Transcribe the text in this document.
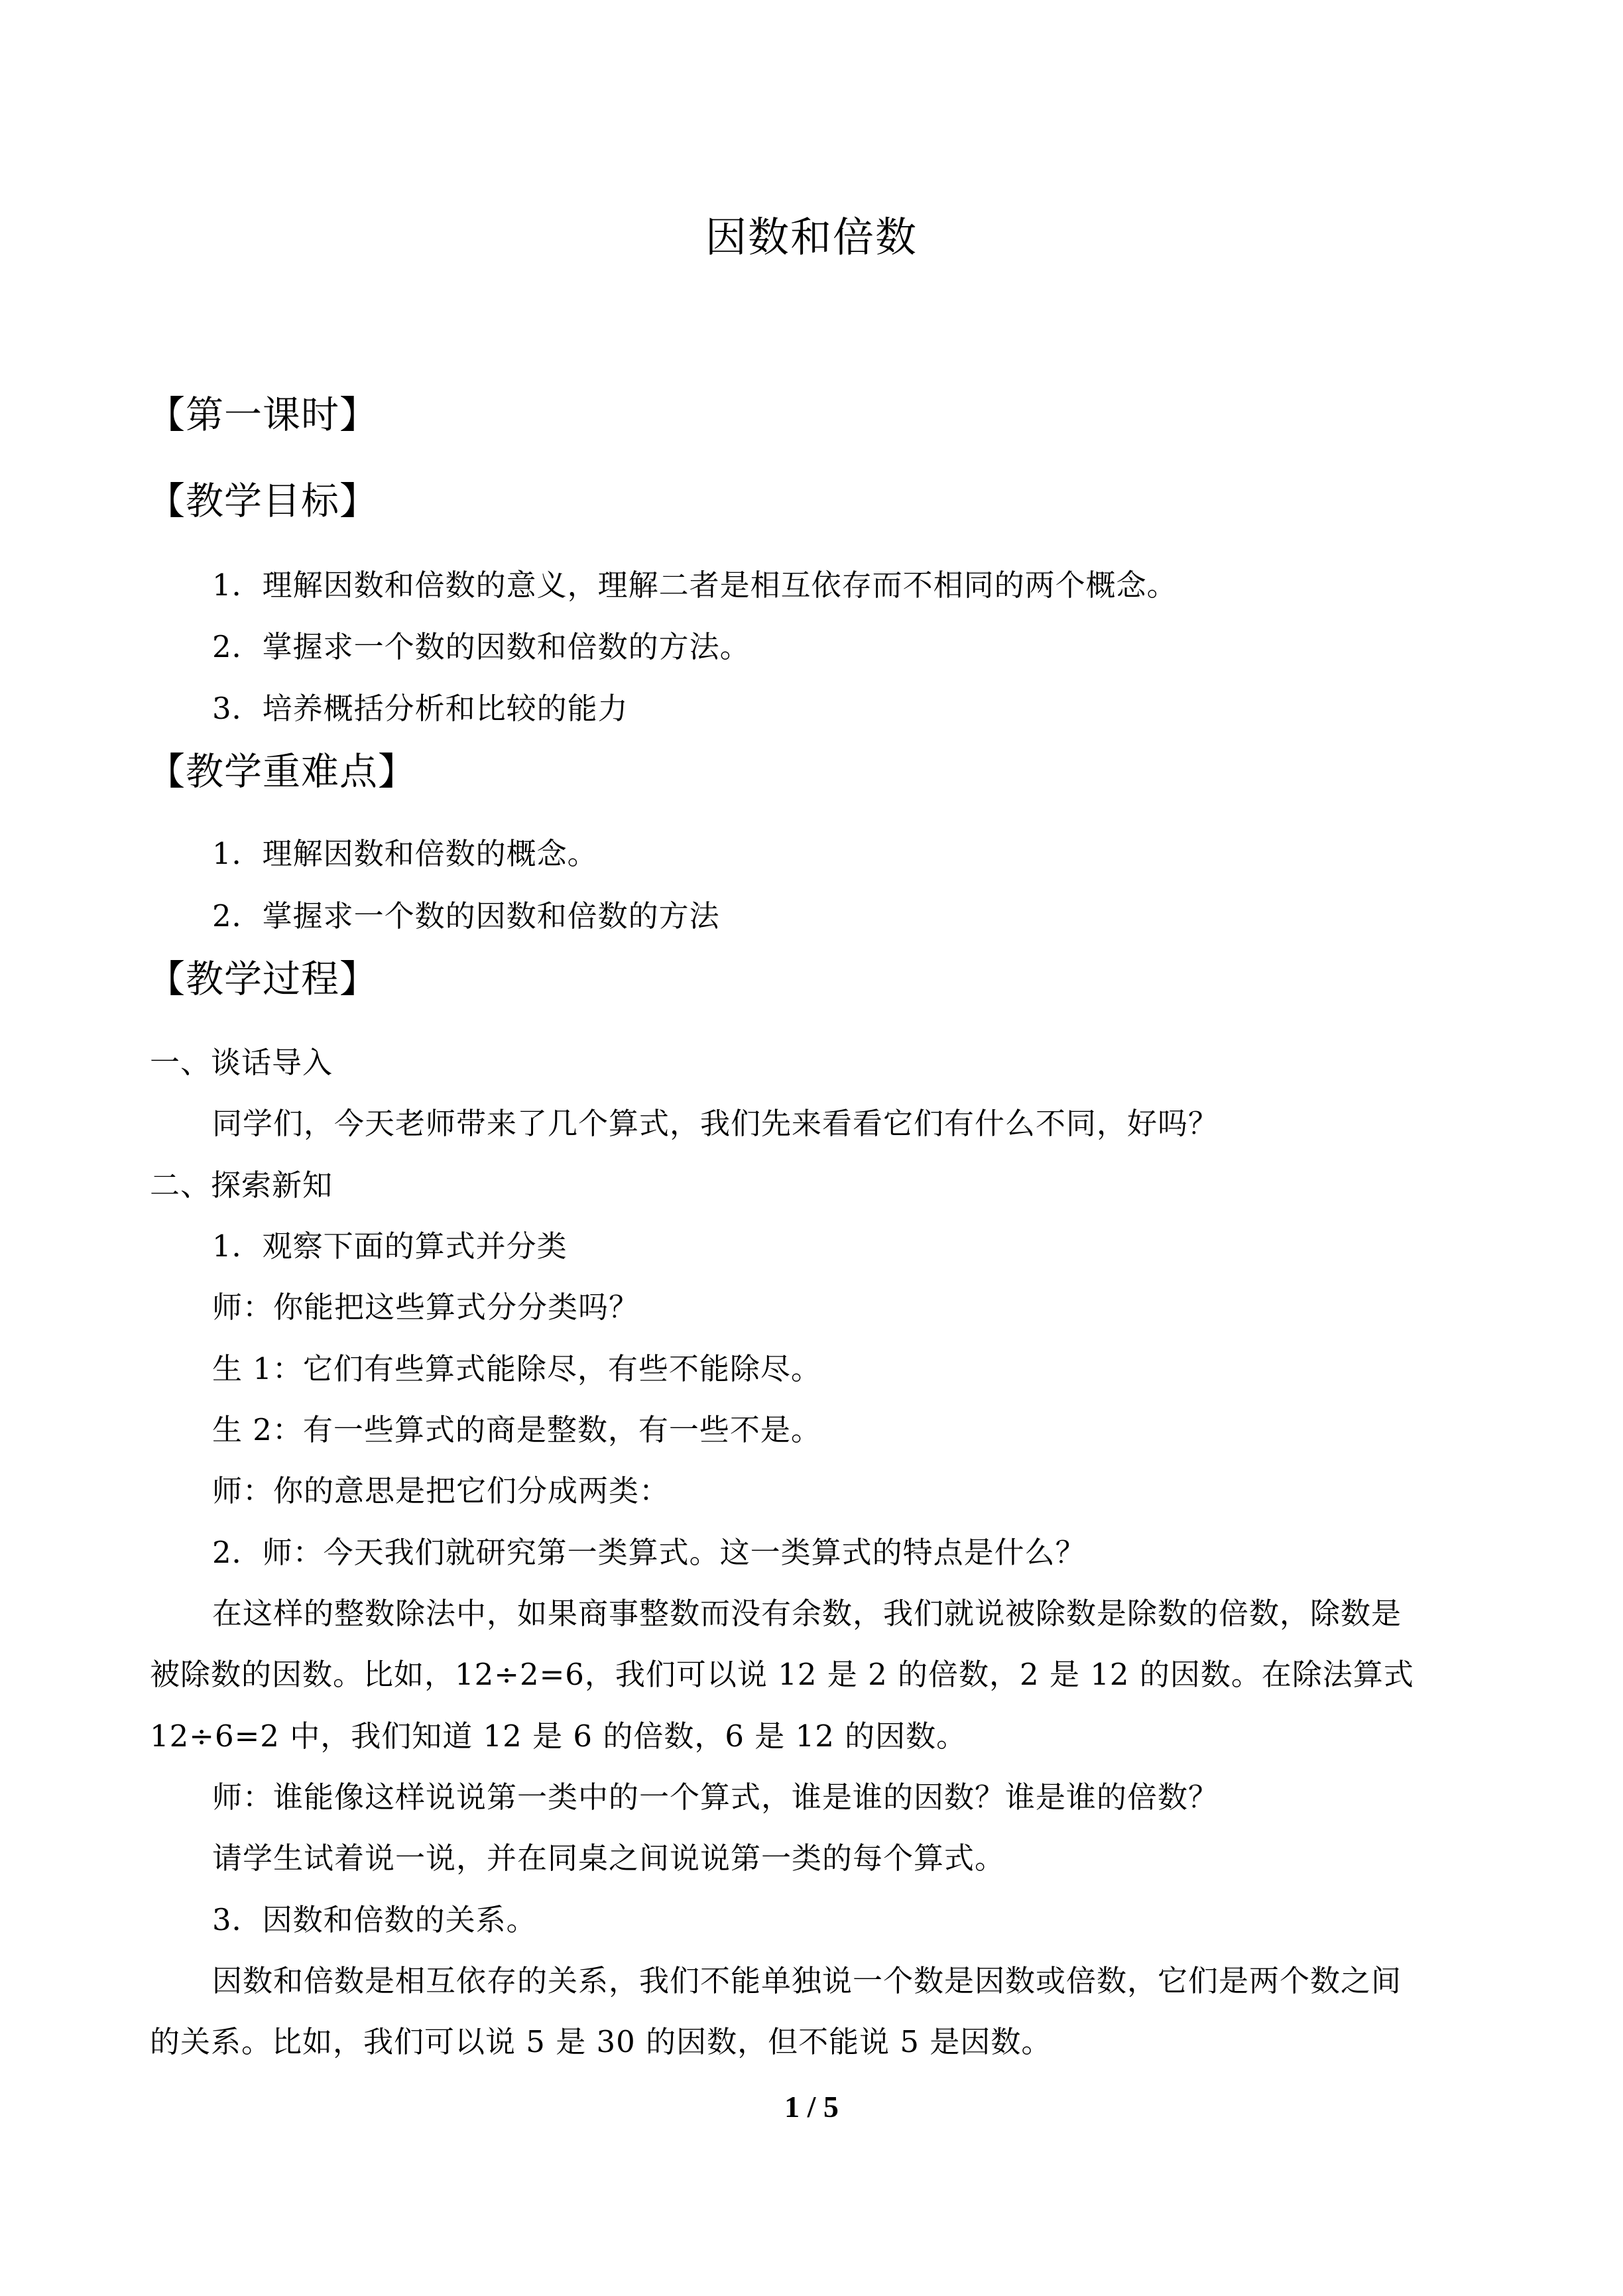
因数和倍数
【第一课时】
【教学目标】
1．理解因数和倍数的意义，理解二者是相互依存而不相同的两个概念。
2．掌握求一个数的因数和倍数的方法。
3．培养概括分析和比较的能力
【教学重难点】
1．理解因数和倍数的概念。
2．掌握求一个数的因数和倍数的方法
【教学过程】
一、谈话导入
同学们，今天老师带来了几个算式，我们先来看看它们有什么不同，好吗？
二、探索新知
1．观察下面的算式并分类
师：你能把这些算式分分类吗？
生 1：它们有些算式能除尽，有些不能除尽。
生 2：有一些算式的商是整数，有一些不是。
师：你的意思是把它们分成两类：
2．师：今天我们就研究第一类算式。这一类算式的特点是什么？
在这样的整数除法中，如果商事整数而没有余数，我们就说被除数是除数的倍数，除数是
被除数的因数。比如，12÷2=6，我们可以说 12 是 2 的倍数，2 是 12 的因数。在除法算式
12÷6=2 中，我们知道 12 是 6 的倍数，6 是 12 的因数。
师：谁能像这样说说第一类中的一个算式，谁是谁的因数？谁是谁的倍数？
请学生试着说一说，并在同桌之间说说第一类的每个算式。
3．因数和倍数的关系。
因数和倍数是相互依存的关系，我们不能单独说一个数是因数或倍数，它们是两个数之间
的关系。比如，我们可以说 5 是 30 的因数，但不能说 5 是因数。
1 / 5
